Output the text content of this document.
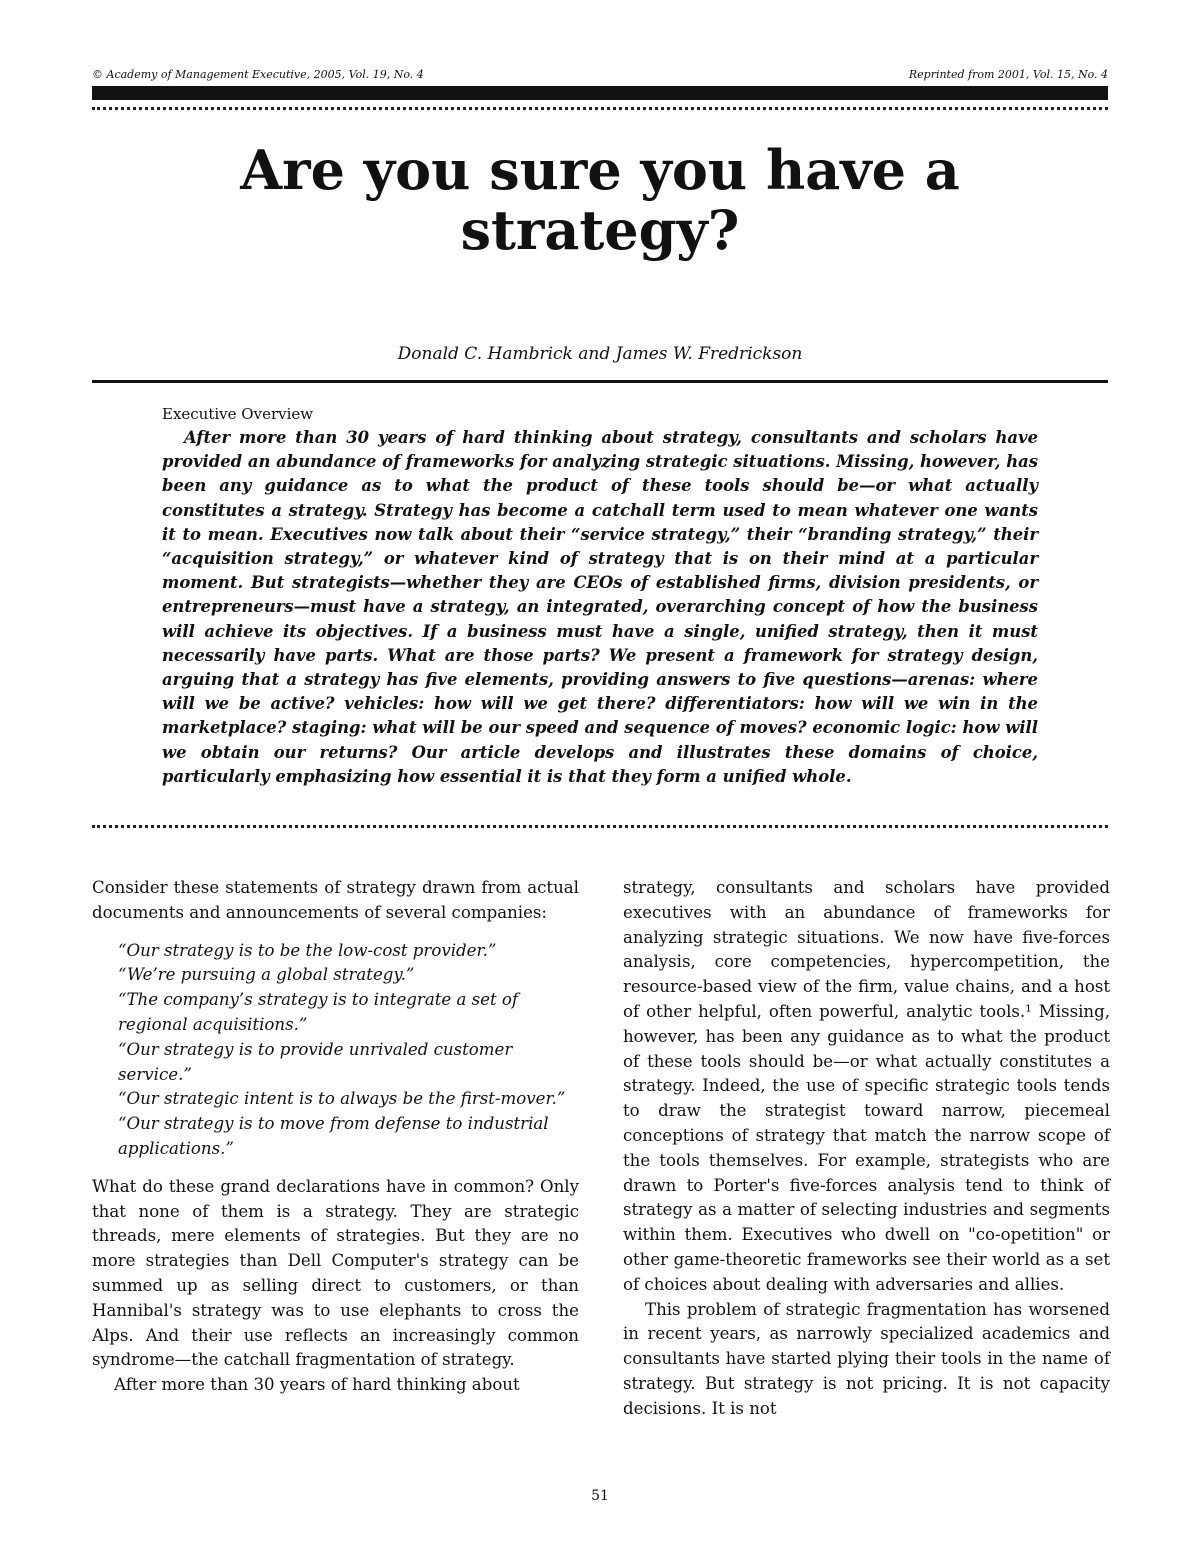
© Academy of Management Executive, 2005, Vol. 19, No. 4	Reprinted from 2001, Vol. 15, No. 4
Are you sure you have a strategy?
Donald C. Hambrick and James W. Fredrickson
Executive Overview

After more than 30 years of hard thinking about strategy, consultants and scholars have provided an abundance of frameworks for analyzing strategic situations. Missing, however, has been any guidance as to what the product of these tools should be—or what actually constitutes a strategy. Strategy has become a catchall term used to mean whatever one wants it to mean. Executives now talk about their “service strategy,” their “branding strategy,” their “acquisition strategy,” or whatever kind of strategy that is on their mind at a particular moment. But strategists—whether they are CEOs of established firms, division presidents, or entrepreneurs—must have a strategy, an integrated, overarching concept of how the business will achieve its objectives. If a business must have a single, unified strategy, then it must necessarily have parts. What are those parts? We present a framework for strategy design, arguing that a strategy has five elements, providing answers to five questions—arenas: where will we be active? vehicles: how will we get there? differentiators: how will we win in the marketplace? staging: what will be our speed and sequence of moves? economic logic: how will we obtain our returns? Our article develops and illustrates these domains of choice, particularly emphasizing how essential it is that they form a unified whole.

Consider these statements of strategy drawn from actual documents and announcements of several companies:

“Our strategy is to be the low-cost provider.”
“We’re pursuing a global strategy.”
“The company’s strategy is to integrate a set of regional acquisitions.”
“Our strategy is to provide unrivaled customer service.”
“Our strategic intent is to always be the first-mover.”
“Our strategy is to move from defense to industrial applications.”

What do these grand declarations have in common? Only that none of them is a strategy. They are strategic threads, mere elements of strategies. But they are no more strategies than Dell Computer's strategy can be summed up as selling direct to customers, or than Hannibal's strategy was to use elephants to cross the Alps. And their use reflects an increasingly common syndrome—the catchall fragmentation of strategy.

After more than 30 years of hard thinking about

strategy, consultants and scholars have provided executives with an abundance of frameworks for analyzing strategic situations. We now have five-forces analysis, core competencies, hypercompetition, the resource-based view of the firm, value chains, and a host of other helpful, often powerful, analytic tools.¹ Missing, however, has been any guidance as to what the product of these tools should be—or what actually constitutes a strategy. Indeed, the use of specific strategic tools tends to draw the strategist toward narrow, piecemeal conceptions of strategy that match the narrow scope of the tools themselves. For example, strategists who are drawn to Porter's five-forces analysis tend to think of strategy as a matter of selecting industries and segments within them. Executives who dwell on "co-opetition" or other game-theoretic frameworks see their world as a set of choices about dealing with adversaries and allies.

This problem of strategic fragmentation has worsened in recent years, as narrowly specialized academics and consultants have started plying their tools in the name of strategy. But strategy is not pricing. It is not capacity decisions. It is not

51
